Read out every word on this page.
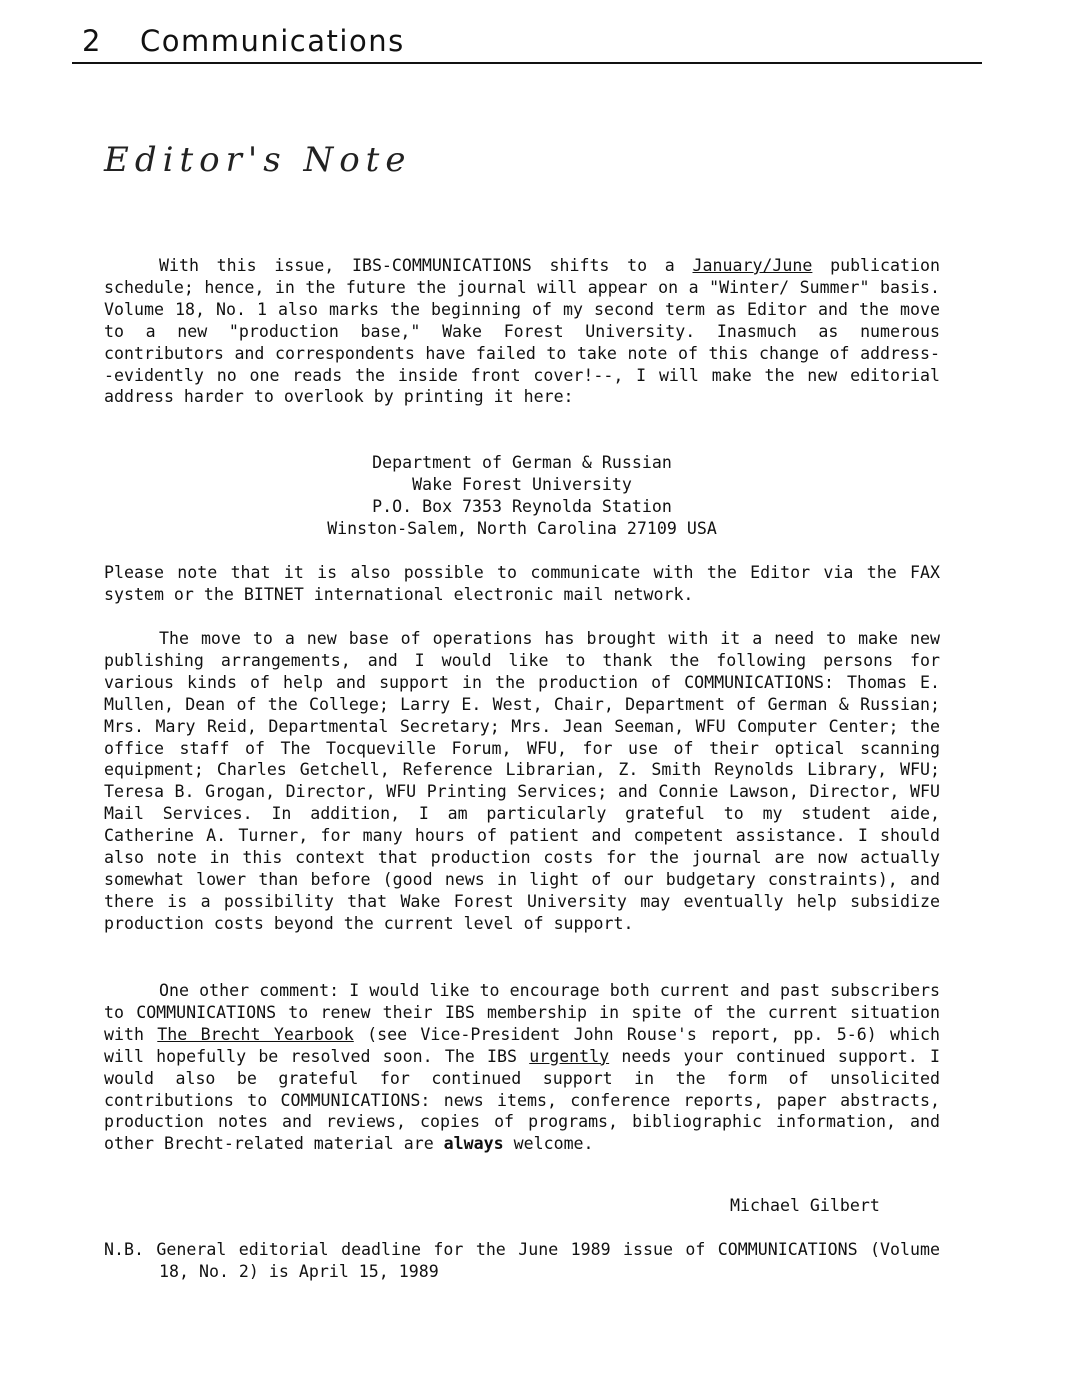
2 Communications
Editor's Note
With this issue, IBS-COMMUNICATIONS shifts to a January/June publication schedule; hence, in the future the journal will appear on a "Winter/ Summer" basis. Volume 18, No. 1 also marks the beginning of my second term as Editor and the move to a new "production base," Wake Forest University. Inasmuch as numerous contributors and correspondents have failed to take note of this change of address--evidently no one reads the inside front cover!--, I will make the new editorial address harder to overlook by printing it here:
Department of German & Russian
Wake Forest University
P.O. Box 7353 Reynolda Station
Winston-Salem, North Carolina 27109 USA
Please note that it is also possible to communicate with the Editor via the FAX system or the BITNET international electronic mail network.
The move to a new base of operations has brought with it a need to make new publishing arrangements, and I would like to thank the following persons for various kinds of help and support in the production of COMMUNICATIONS: Thomas E. Mullen, Dean of the College; Larry E. West, Chair, Department of German & Russian; Mrs. Mary Reid, Departmental Secretary; Mrs. Jean Seeman, WFU Computer Center; the office staff of The Tocqueville Forum, WFU, for use of their optical scanning equipment; Charles Getchell, Reference Librarian, Z. Smith Reynolds Library, WFU; Teresa B. Grogan, Director, WFU Printing Services; and Connie Lawson, Director, WFU Mail Services. In addition, I am particularly grateful to my student aide, Catherine A. Turner, for many hours of patient and competent assistance. I should also note in this context that production costs for the journal are now actually somewhat lower than before (good news in light of our budgetary constraints), and there is a possibility that Wake Forest University may eventually help subsidize production costs beyond the current level of support.
One other comment: I would like to encourage both current and past subscribers to COMMUNICATIONS to renew their IBS membership in spite of the current situation with The Brecht Yearbook (see Vice-President John Rouse's report, pp. 5-6) which will hopefully be resolved soon. The IBS urgently needs your continued support. I would also be grateful for continued support in the form of unsolicited contributions to COMMUNICATIONS: news items, conference reports, paper abstracts, production notes and reviews, copies of programs, bibliographic information, and other Brecht-related material are always welcome.
Michael Gilbert
N.B. General editorial deadline for the June 1989 issue of COMMUNICATIONS (Volume 18, No. 2) is April 15, 1989
